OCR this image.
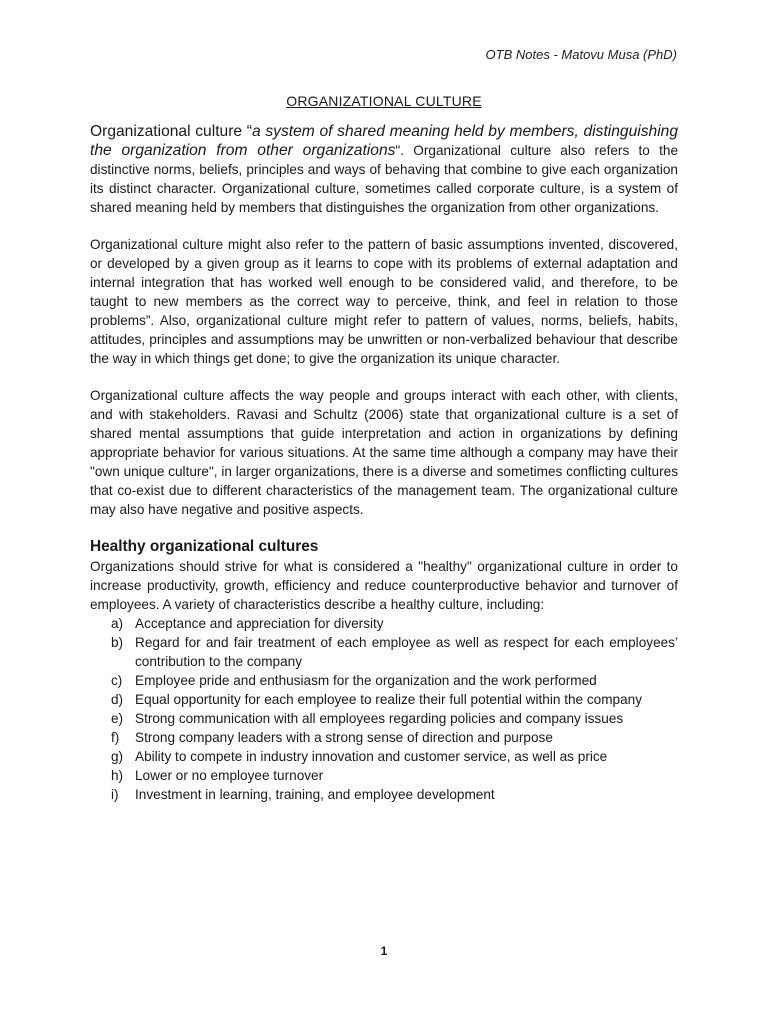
OTB Notes - Matovu Musa (PhD)
ORGANIZATIONAL CULTURE

Organizational culture “a system of shared meaning held by members, distinguishing the organization from other organizations". Organizational culture also refers to the distinctive norms, beliefs, principles and ways of behaving that combine to give each organization its distinct character. Organizational culture, sometimes called corporate culture, is a system of shared meaning held by members that distinguishes the organization from other organizations.

Organizational culture might also refer to the pattern of basic assumptions invented, discovered, or developed by a given group as it learns to cope with its problems of external adaptation and internal integration that has worked well enough to be considered valid, and therefore, to be taught to new members as the correct way to perceive, think, and feel in relation to those problems”. Also, organizational culture might refer to pattern of values, norms, beliefs, habits, attitudes, principles and assumptions may be unwritten or non-verbalized behaviour that describe the way in which things get done; to give the organization its unique character.

Organizational culture affects the way people and groups interact with each other, with clients, and with stakeholders. Ravasi and Schultz (2006) state that organizational culture is a set of shared mental assumptions that guide interpretation and action in organizations by defining appropriate behavior for various situations. At the same time although a company may have their "own unique culture", in larger organizations, there is a diverse and sometimes conflicting cultures that co-exist due to different characteristics of the management team. The organizational culture may also have negative and positive aspects.

Healthy organizational cultures

Organizations should strive for what is considered a "healthy" organizational culture in order to increase productivity, growth, efficiency and reduce counterproductive behavior and turnover of employees. A variety of characteristics describe a healthy culture, including:

a) Acceptance and appreciation for diversity
b) Regard for and fair treatment of each employee as well as respect for each employees’ contribution to the company
c) Employee pride and enthusiasm for the organization and the work performed
d) Equal opportunity for each employee to realize their full potential within the company
e) Strong communication with all employees regarding policies and company issues
f) Strong company leaders with a strong sense of direction and purpose
g) Ability to compete in industry innovation and customer service, as well as price
h) Lower or no employee turnover
i) Investment in learning, training, and employee development
1
